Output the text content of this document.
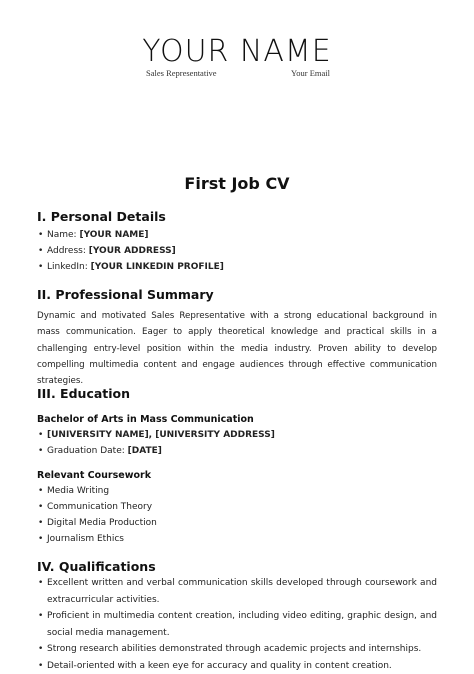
YOUR NAME
Sales Representative	Your Email
First Job CV
I. Personal Details
• Name: [YOUR NAME]
• Address: [YOUR ADDRESS]
• LinkedIn: [YOUR LINKEDIN PROFILE]
II. Professional Summary

Dynamic and motivated Sales Representative with a strong educational background in mass communication. Eager to apply theoretical knowledge and practical skills in a challenging entry-level position within the media industry. Proven ability to develop compelling multimedia content and engage audiences through effective communication strategies.

III. Education
Bachelor of Arts in Mass Communication
• [UNIVERSITY NAME], [UNIVERSITY ADDRESS]
• Graduation Date: [DATE]
Relevant Coursework
• Media Writing
• Communication Theory
• Digital Media Production
• Journalism Ethics
IV. Qualifications
• Excellent written and verbal communication skills developed through coursework and extracurricular activities.
• Proficient in multimedia content creation, including video editing, graphic design, and social media management.
• Strong research abilities demonstrated through academic projects and internships.
• Detail-oriented with a keen eye for accuracy and quality in content creation.
